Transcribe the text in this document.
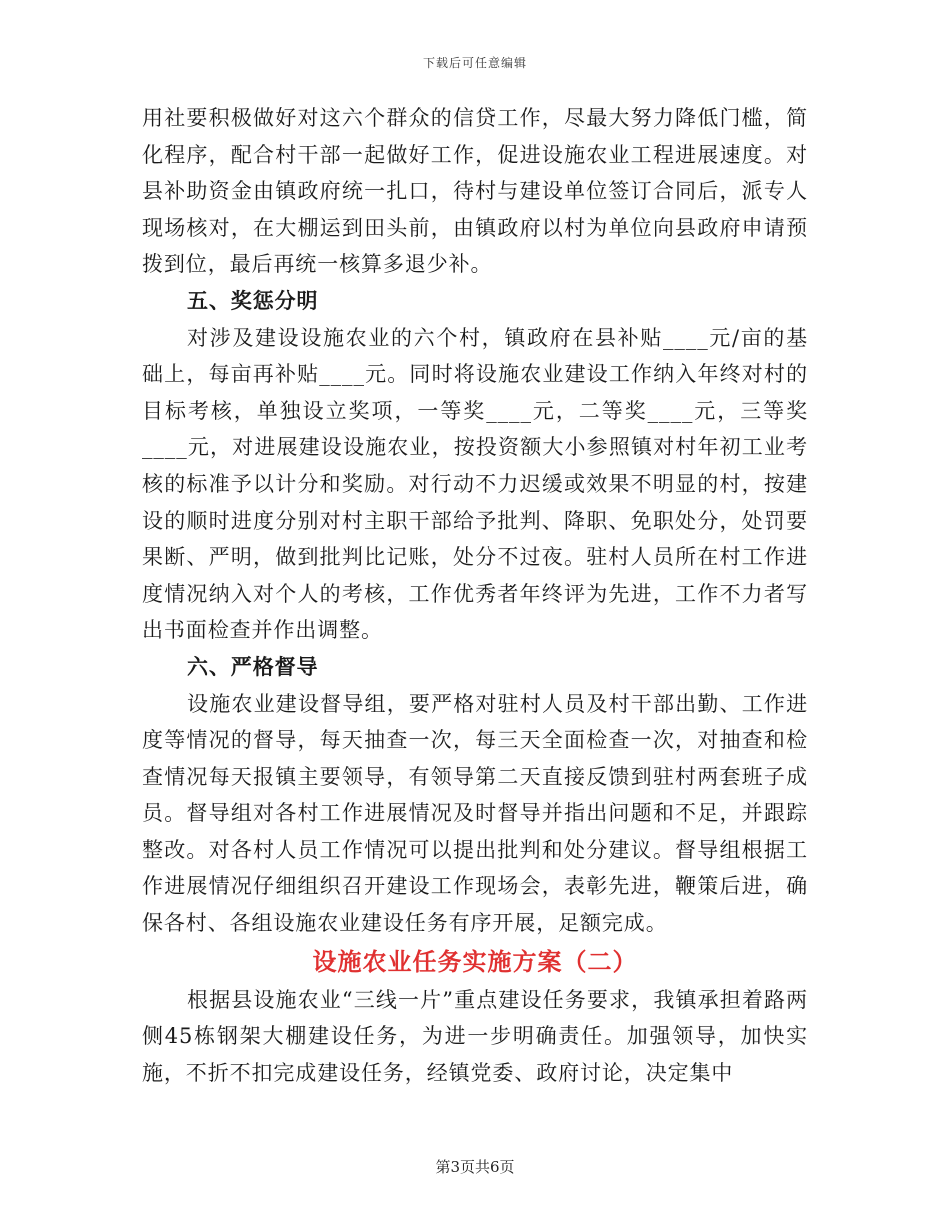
下载后可任意编辑

用社要积极做好对这六个群众的信贷工作，尽最大努力降低门槛，简化程序，配合村干部一起做好工作，促进设施农业工程进展速度。对县补助资金由镇政府统一扎口，待村与建设单位签订合同后，派专人现场核对，在大棚运到田头前，由镇政府以村为单位向县政府申请预拨到位，最后再统一核算多退少补。

五、奖惩分明

对涉及建设设施农业的六个村，镇政府在县补贴____元/亩的基础上，每亩再补贴____元。同时将设施农业建设工作纳入年终对村的目标考核，单独设立奖项，一等奖____元，二等奖____元，三等奖____元，对进展建设设施农业，按投资额大小参照镇对村年初工业考核的标准予以计分和奖励。对行动不力迟缓或效果不明显的村，按建设的顺时进度分别对村主职干部给予批判、降职、免职处分，处罚要果断、严明，做到批判比记账，处分不过夜。驻村人员所在村工作进度情况纳入对个人的考核，工作优秀者年终评为先进，工作不力者写出书面检查并作出调整。

六、严格督导

设施农业建设督导组，要严格对驻村人员及村干部出勤、工作进度等情况的督导，每天抽查一次，每三天全面检查一次，对抽查和检查情况每天报镇主要领导，有领导第二天直接反馈到驻村两套班子成员。督导组对各村工作进展情况及时督导并指出问题和不足，并跟踪整改。对各村人员工作情况可以提出批判和处分建议。督导组根据工作进展情况仔细组织召开建设工作现场会，表彰先进，鞭策后进，确保各村、各组设施农业建设任务有序开展，足额完成。

设施农业任务实施方案（二）

根据县设施农业“三线一片”重点建设任务要求，我镇承担着路两侧45栋钢架大棚建设任务，为进一步明确责任。加强领导，加快实施，不折不扣完成建设任务，经镇党委、政府讨论，决定集中

第3页共6页
